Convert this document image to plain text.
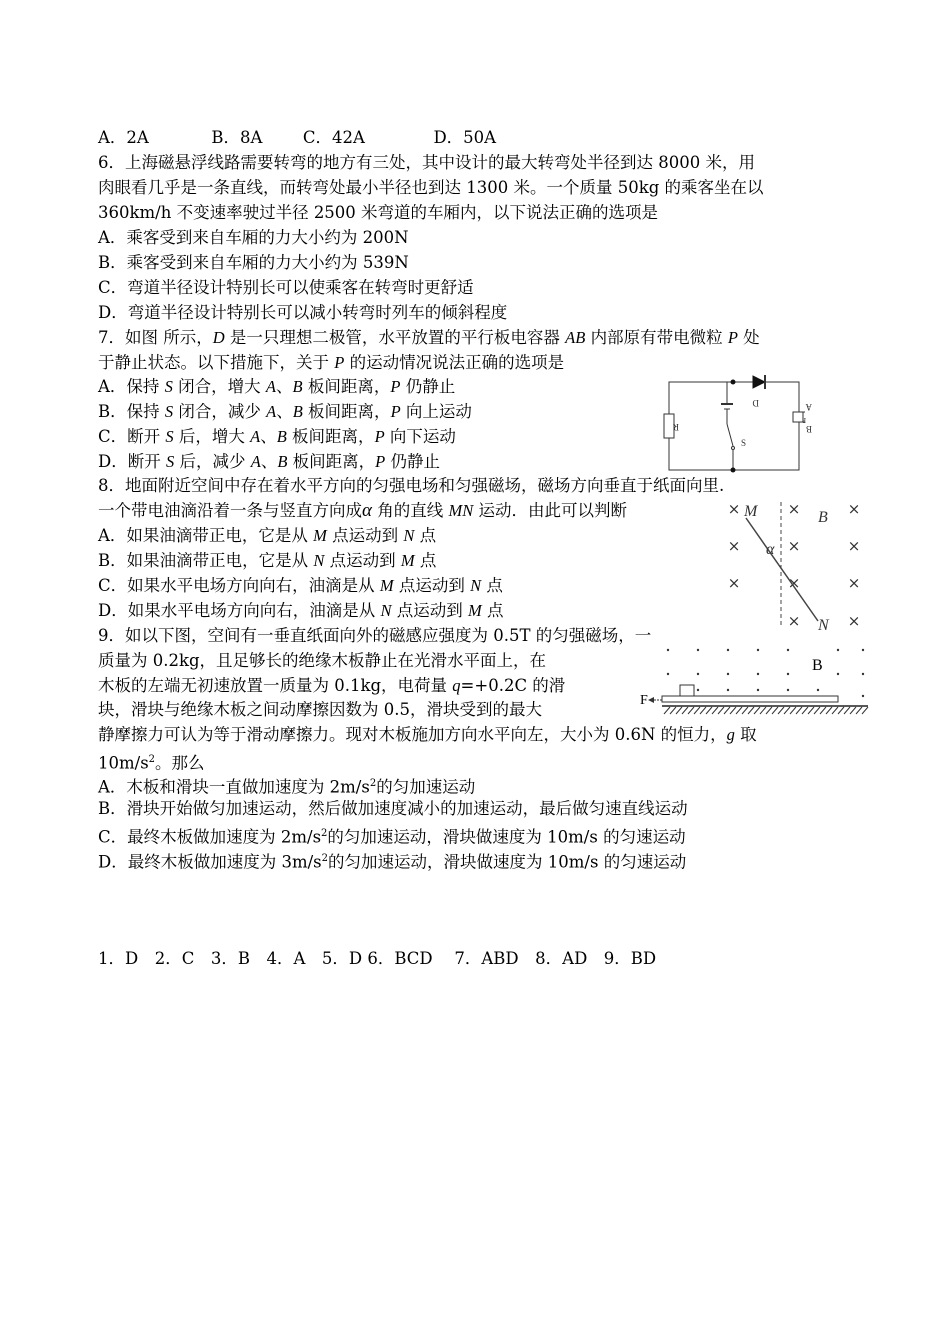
A．2A	B．8A C．42A	D．50A
6．上海磁悬浮线路需要转弯的地方有三处，其中设计的最大转弯处半径到达 8000 米，用
肉眼看几乎是一条直线，而转弯处最小半径也到达 1300 米。一个质量 50kg 的乘客坐在以
360km/h 不变速率驶过半径 2500 米弯道的车厢内，以下说法正确的选项是
A．乘客受到来自车厢的力大小约为 200N
B．乘客受到来自车厢的力大小约为 539N
C．弯道半径设计特别长可以使乘客在转弯时更舒适
D．弯道半径设计特别长可以减小转弯时列车的倾斜程度
7．如图 所示，D 是一只理想二极管，水平放置的平行板电容器 AB 内部原有带电微粒 P 处
于静止状态。以下措施下，关于 P 的运动情况说法正确的选项是
A．保持 S 闭合，增大 A、B 板间距离，P 仍静止
B．保持 S 闭合，减少 A、B 板间距离，P 向上运动
C．断开 S 后，增大 A、B 板间距离，P 向下运动
D．断开 S 后，减少 A、B 板间距离，P 仍静止
R
S
D	A
B
P
8．地面附近空间中存在着水平方向的匀强电场和匀强磁场，磁场方向垂直于纸面向里.
一个带电油滴沿着一条与竖直方向成α 角的直线 MN 运动．由此可以判断
A．如果油滴带正电，它是从 M 点运动到 N 点
B．如果油滴带正电，它是从 N 点运动到 M 点
C．如果水平电场方向向右，油滴是从 M 点运动到 N 点
D．如果水平电场方向向右，油滴是从 N 点运动到 M 点
×	×	×
×	×	×
×	×	×
×	×
M
N
B
α
9．如以下图，空间有一垂直纸面向外的磁感应强度为 0.5T 的匀强磁场，一
质量为 0.2kg，且足够长的绝缘木板静止在光滑水平面上，在
木板的左端无初速放置一质量为 0.1kg，电荷量 q=+0.2C 的滑
块，滑块与绝缘木板之间动摩擦因数为 0.5，滑块受到的最大
静摩擦力可认为等于滑动摩擦力。现对木板施加方向水平向左，大小为 0.6N 的恒力，g 取
$10m/s^2$。那么
A．木板和滑块一直做加速度为 $2m/s^2$的匀加速运动
B．滑块开始做匀加速运动，然后做加速度减小的加速运动，最后做匀速直线运动
C．最终木板做加速度为 $2m/s^2$的匀加速运动，滑块做速度为 10m/s 的匀速运动
D．最终木板做加速度为 $3m/s^2$的匀加速运动，滑块做速度为 10m/s 的匀速运动
B
F
1．D　2．C　3．B　4．A　5．D 6．BCD　 7．ABD　8．AD　9．BD
